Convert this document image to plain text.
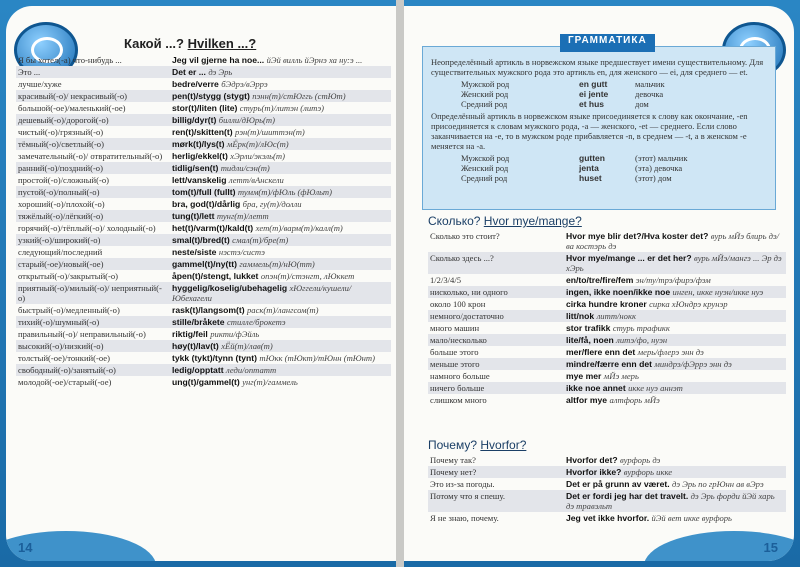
Какой ...? Hvilken ...?
Я бы хотел(-а) что-нибудь ...	Jeg vil gjerne ha noe... йЭй вилль йЭрнэ ха ну:э ...
Это ...	Det er ... дэ Эрь
лучше/хуже	bedre/verre бЭдрэ/вЭррэ
красивый(-о)/ некрасивый(-о)	pen(t)/stygg (stygt) пэнн(т)/стЮггь (стЮт)
большой(-ое)/маленький(-ое)	stor(t)/liten (lite) стурь(т)/литэн (литэ)
дешевый(-о)/дорогой(-о)	billig/dyr(t) билли/дЮрь(т)
чистый(-о)/грязный(-о)	ren(t)/skitten(t) рэн(т)/шиттэн(т)
тёмный(-о)/светлый(-о)	mørk(t)/lys(t) мЁрк(т)/лЮс(т)
замечательный(-о)/ отвратительный(-о)	herlig/ekkel(t) хЭрли/экэль(т)
ранний(-о)/поздний(-о)	tidlig/sen(t) тидли/сэн(т)
простой(-о)/сложный(-о)	lett/vanskelig летт/вАнскели
пустой(-о)/полный(-о)	tom(t)/full (fullt) тумм(т)/фЮль (фЮльт)
хороший(-о)/плохой(-о)	bra, god(t)/dårlig бра, гу(т)/долли
тяжёлый(-о)/лёгкий(-о)	tung(t)/lett тунг(т)/летт
горячий(-о)/тёплый(-о)/ холодный(-о)	het(t)/varm(t)/kald(t) хет(т)/варм(т)/калл(т)
узкий(-о)/широкий(-о)	smal(t)/bred(t) смал(т)/бре(т)
следующий/последний	neste/siste нэстэ/систэ
старый(-ое)/новый(-ое)	gammel(t)/ny(tt) гаммель(т)/нЮ(тт)
открытый(-о)/закрытый(-о)	åpen(t)/stengt, lukket опэн(т)/стэнгт, лЮккет
приятный(-о)/милый(-о)/ неприятный(-о)	hyggelig/koselig/ubehagelig хЮггели/кушели/Юбехагели
быстрый(-о)/медленный(-о)	rask(t)/langsom(t) раск(т)/лангсом(т)
тихий(-о)/шумный(-о)	stille/bråkete стилле/брокетэ
правильный(-о)/ неправильный(-о)	riktig/feil рикти/фЭйль
высокий(-о)/низкий(-о)	høy(t)/lav(t) хЁй(т)/лав(т)
толстый(-ое)/тонкий(-ое)	tykk (tykt)/tynn (tynt) тЮкк (тЮкт)/тЮнн (тЮнт)
свободный(-о)/занятый(-о)	ledig/opptatt леди/оптатт
молодой(-ое)/старый(-ое)	ung(t)/gammel(t) унг(т)/гаммель
14
Неопределённый артикль в норвежском языке предшествует имени существительному. Для существительных мужского рода это артикль en, для женского — ei, для среднего — et.
Мужской род	en gutt	мальчик
Женский род	ei jente	девочка
Средний род	et hus	дом
Определённый артикль в норвежском языке присоединяется к слову как окончание, -en присоединяется к словам мужского рода, -a — женского, -et — среднего. Если слово заканчивается на -e, то в мужском роде прибавляется -n, в среднем — -t, а в женском -e меняется на -a.
Мужской род	gutten	(этот) мальчик
Женский род	jenta	(эта) девочка
Средний род	huset	(этот) дом
ГРАММАТИКА
Сколько? Hvor mye/mange?
Сколько это стоит?	Hvor mye blir det?/Hva koster det? вурь мЙэ блирь дэ/ва костэрь дэ
Сколько здесь ...?	Hvor mye/mange ... er det her? вурь мЙэ/мангэ ... Эр дэ хЭрь
1/2/3/4/5	en/to/tre/fire/fem эн/ту/трэ/фирэ/фэм
нисколько, ни одного	ingen, ikke noen/ikke noe инген, икке нуэн/икке нуэ
около 100 крон	cirka hundre kroner сирка хЮндрэ крунэр
немного/достаточно	litt/nok литт/нокк
много машин	stor trafikk стурь трафикк
мало/несколько	lite/få, noen литэ/фо, нуэн
больше этого	mer/flere enn det мерь/флерэ энн дэ
меньше этого	mindre/færre enn det миндрэ/фЭррэ энн дэ
намного больше	mye mer мЙэ мерь
ничего больше	ikke noe annet икке нуэ аннэт
слишком много	altfor mye алтфорь мЙэ
Почему? Hvorfor?
Почему так?	Hvorfor det? вурфорь дэ
Почему нет?	Hvorfor ikke? вурфорь икке
Это из-за погоды.	Det er på grunn av været. дэ Эрь по грЮнн ав вЭрэ
Потому что я спешу.	Det er fordi jeg har det travelt. дэ Эрь форди йЭй харь дэ травэльт
Я не знаю, почему.	Jeg vet ikke hvorfor. йЭй вет икке вурфорь
15
